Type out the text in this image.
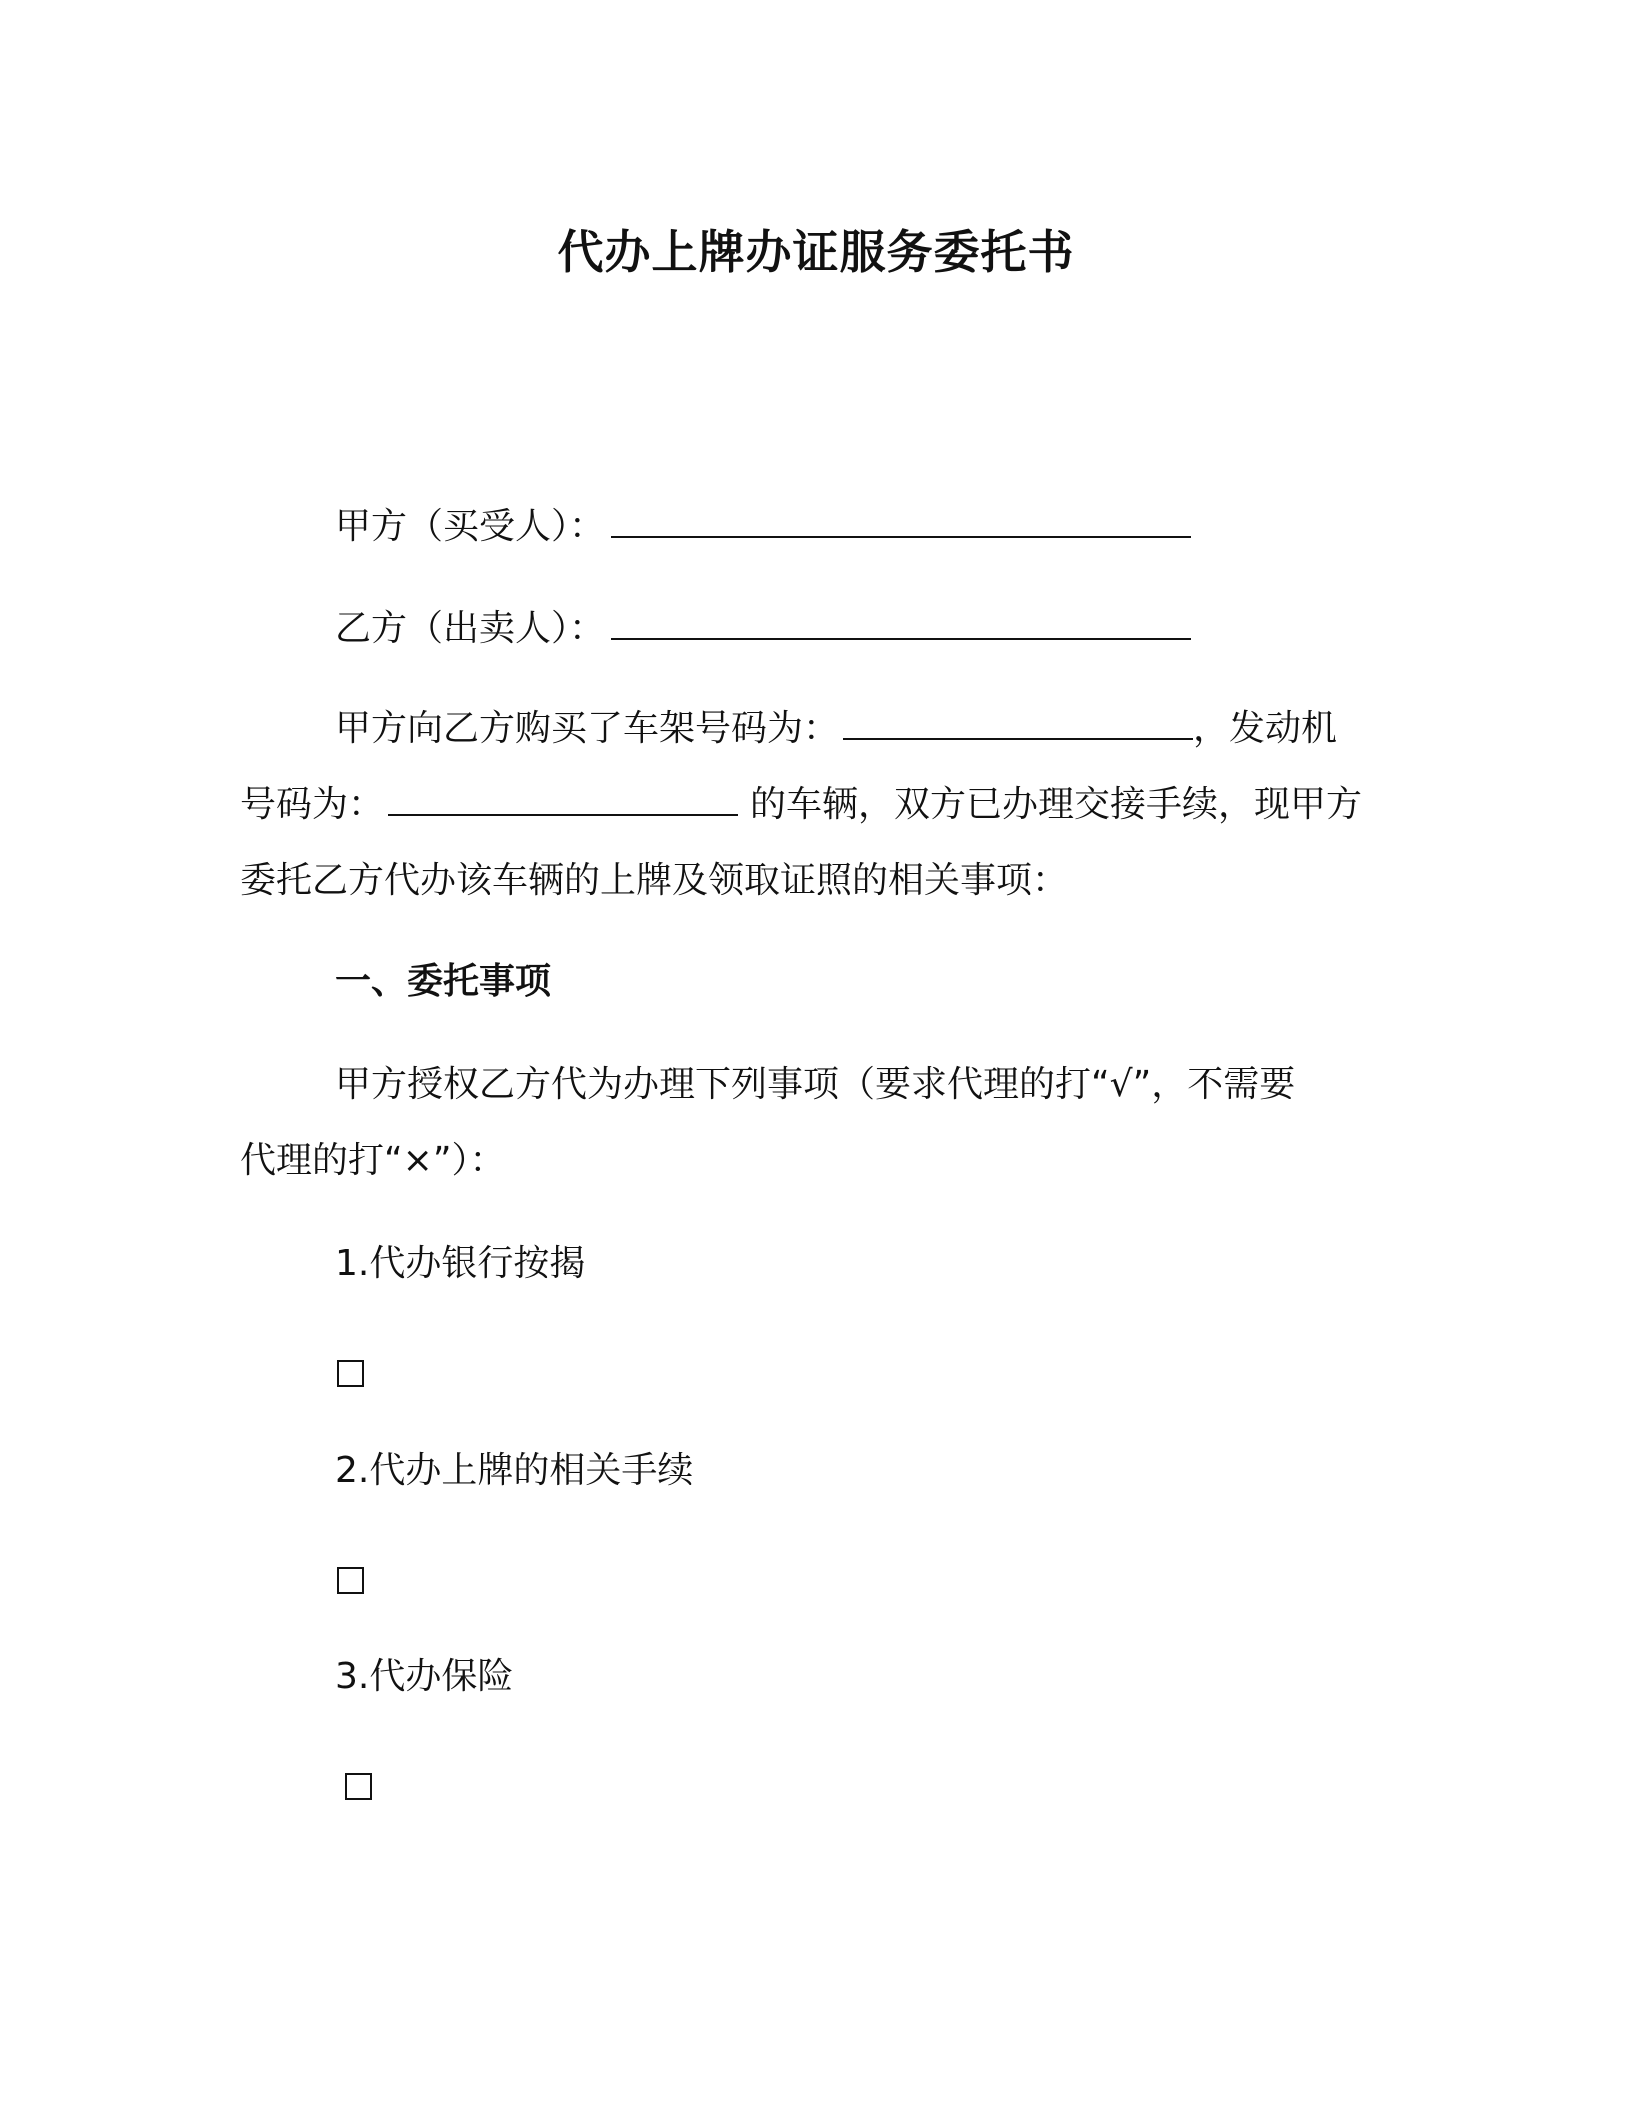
代办上牌办证服务委托书
甲方（买受人）：
乙方（出卖人）：
甲方向乙方购买了车架号码为：	，发动机
号码为：	的车辆，双方已办理交接手续，现甲方
委托乙方代办该车辆的上牌及领取证照的相关事项：
一、委托事项
甲方授权乙方代为办理下列事项（要求代理的打“√”，不需要
代理的打“×”）：
1.代办银行按揭
2.代办上牌的相关手续
3.代办保险
